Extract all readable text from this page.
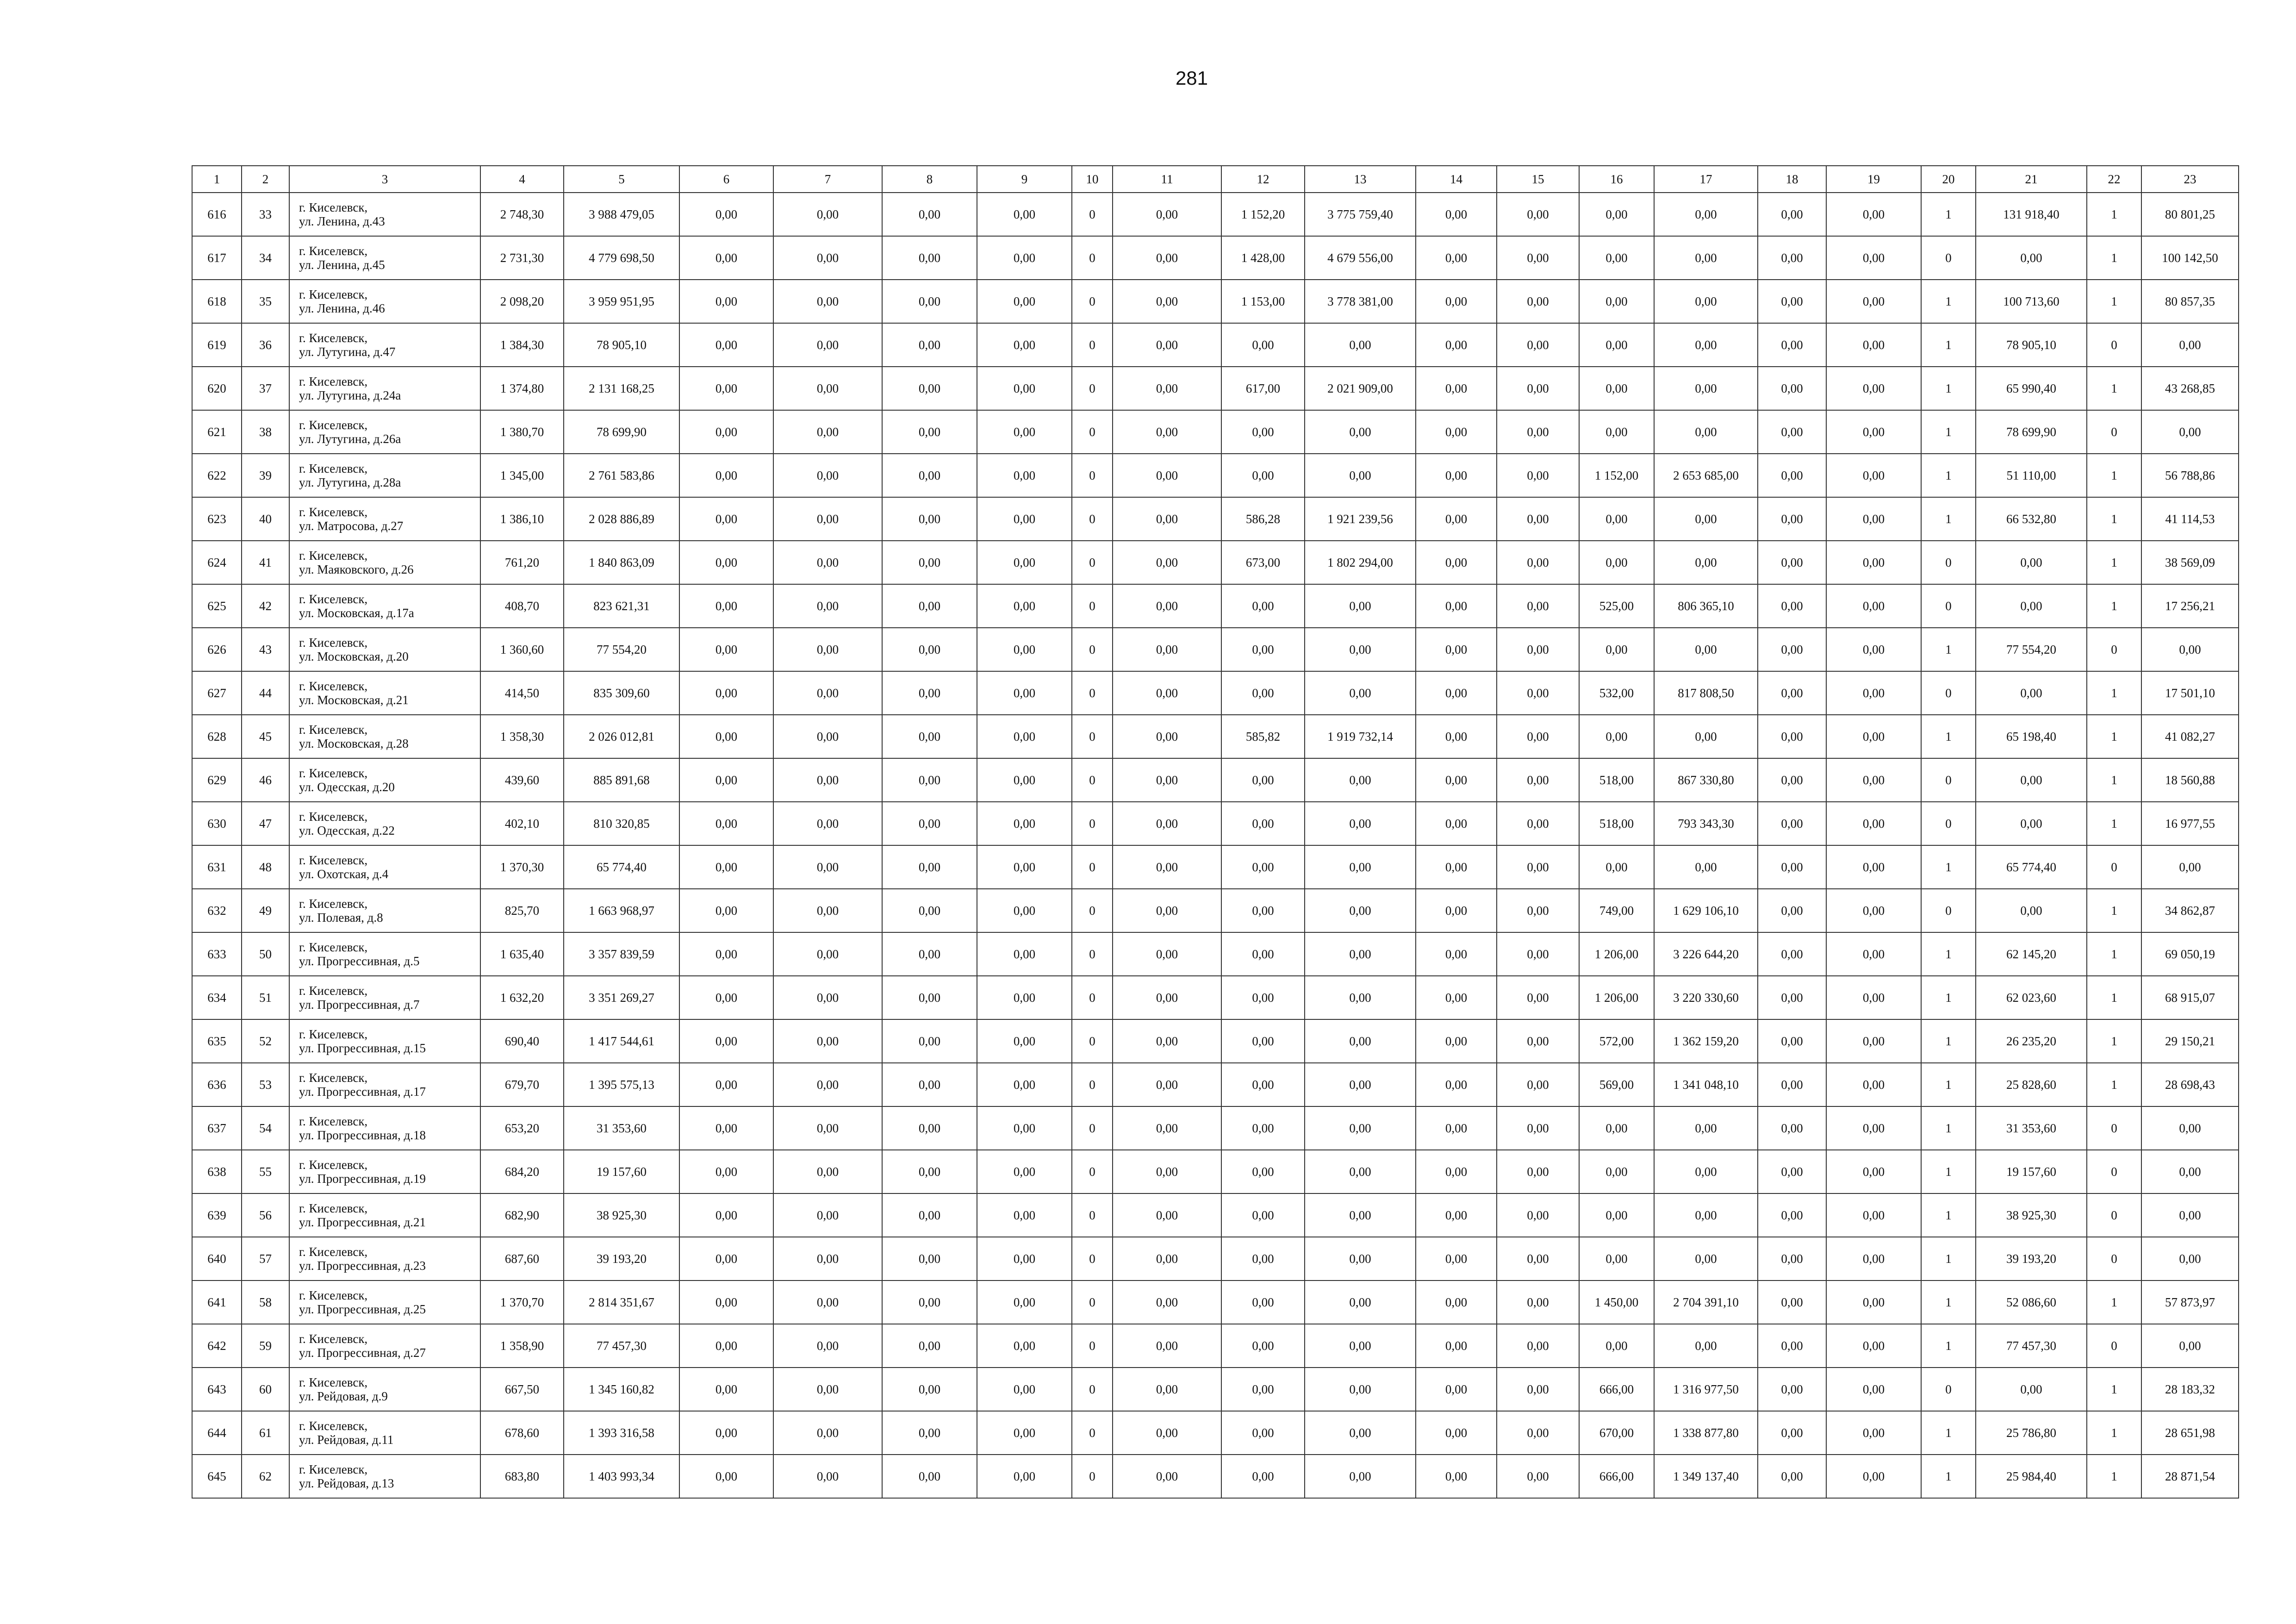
281
1	2	3	4	5	6	7	8	9	10	11	12	13	14	15	16	17	18	19	20	21	22	23
616	33	г. Киселевск,
ул. Ленина, д.43	2 748,30	3 988 479,05	0,00	0,00	0,00	0,00	0	0,00	1 152,20	3 775 759,40	0,00	0,00	0,00	0,00	0,00	0,00	1	131 918,40	1	80 801,25
617	34	г. Киселевск,
ул. Ленина, д.45	2 731,30	4 779 698,50	0,00	0,00	0,00	0,00	0	0,00	1 428,00	4 679 556,00	0,00	0,00	0,00	0,00	0,00	0,00	0	0,00	1	100 142,50
618	35	г. Киселевск,
ул. Ленина, д.46	2 098,20	3 959 951,95	0,00	0,00	0,00	0,00	0	0,00	1 153,00	3 778 381,00	0,00	0,00	0,00	0,00	0,00	0,00	1	100 713,60	1	80 857,35
619	36	г. Киселевск,
ул. Лутугина, д.47	1 384,30	78 905,10	0,00	0,00	0,00	0,00	0	0,00	0,00	0,00	0,00	0,00	0,00	0,00	0,00	0,00	1	78 905,10	0	0,00
620	37	г. Киселевск,
ул. Лутугина, д.24а	1 374,80	2 131 168,25	0,00	0,00	0,00	0,00	0	0,00	617,00	2 021 909,00	0,00	0,00	0,00	0,00	0,00	0,00	1	65 990,40	1	43 268,85
621	38	г. Киселевск,
ул. Лутугина, д.26а	1 380,70	78 699,90	0,00	0,00	0,00	0,00	0	0,00	0,00	0,00	0,00	0,00	0,00	0,00	0,00	0,00	1	78 699,90	0	0,00
622	39	г. Киселевск,
ул. Лутугина, д.28а	1 345,00	2 761 583,86	0,00	0,00	0,00	0,00	0	0,00	0,00	0,00	0,00	0,00	1 152,00	2 653 685,00	0,00	0,00	1	51 110,00	1	56 788,86
623	40	г. Киселевск,
ул. Матросова, д.27	1 386,10	2 028 886,89	0,00	0,00	0,00	0,00	0	0,00	586,28	1 921 239,56	0,00	0,00	0,00	0,00	0,00	0,00	1	66 532,80	1	41 114,53
624	41	г. Киселевск,
ул. Маяковского, д.26	761,20	1 840 863,09	0,00	0,00	0,00	0,00	0	0,00	673,00	1 802 294,00	0,00	0,00	0,00	0,00	0,00	0,00	0	0,00	1	38 569,09
625	42	г. Киселевск,
ул. Московская, д.17а	408,70	823 621,31	0,00	0,00	0,00	0,00	0	0,00	0,00	0,00	0,00	0,00	525,00	806 365,10	0,00	0,00	0	0,00	1	17 256,21
626	43	г. Киселевск,
ул. Московская, д.20	1 360,60	77 554,20	0,00	0,00	0,00	0,00	0	0,00	0,00	0,00	0,00	0,00	0,00	0,00	0,00	0,00	1	77 554,20	0	0,00
627	44	г. Киселевск,
ул. Московская, д.21	414,50	835 309,60	0,00	0,00	0,00	0,00	0	0,00	0,00	0,00	0,00	0,00	532,00	817 808,50	0,00	0,00	0	0,00	1	17 501,10
628	45	г. Киселевск,
ул. Московская, д.28	1 358,30	2 026 012,81	0,00	0,00	0,00	0,00	0	0,00	585,82	1 919 732,14	0,00	0,00	0,00	0,00	0,00	0,00	1	65 198,40	1	41 082,27
629	46	г. Киселевск,
ул. Одесская, д.20	439,60	885 891,68	0,00	0,00	0,00	0,00	0	0,00	0,00	0,00	0,00	0,00	518,00	867 330,80	0,00	0,00	0	0,00	1	18 560,88
630	47	г. Киселевск,
ул. Одесская, д.22	402,10	810 320,85	0,00	0,00	0,00	0,00	0	0,00	0,00	0,00	0,00	0,00	518,00	793 343,30	0,00	0,00	0	0,00	1	16 977,55
631	48	г. Киселевск,
ул. Охотская, д.4	1 370,30	65 774,40	0,00	0,00	0,00	0,00	0	0,00	0,00	0,00	0,00	0,00	0,00	0,00	0,00	0,00	1	65 774,40	0	0,00
632	49	г. Киселевск,
ул. Полевая, д.8	825,70	1 663 968,97	0,00	0,00	0,00	0,00	0	0,00	0,00	0,00	0,00	0,00	749,00	1 629 106,10	0,00	0,00	0	0,00	1	34 862,87
633	50	г. Киселевск,
ул. Прогрессивная, д.5	1 635,40	3 357 839,59	0,00	0,00	0,00	0,00	0	0,00	0,00	0,00	0,00	0,00	1 206,00	3 226 644,20	0,00	0,00	1	62 145,20	1	69 050,19
634	51	г. Киселевск,
ул. Прогрессивная, д.7	1 632,20	3 351 269,27	0,00	0,00	0,00	0,00	0	0,00	0,00	0,00	0,00	0,00	1 206,00	3 220 330,60	0,00	0,00	1	62 023,60	1	68 915,07
635	52	г. Киселевск,
ул. Прогрессивная, д.15	690,40	1 417 544,61	0,00	0,00	0,00	0,00	0	0,00	0,00	0,00	0,00	0,00	572,00	1 362 159,20	0,00	0,00	1	26 235,20	1	29 150,21
636	53	г. Киселевск,
ул. Прогрессивная, д.17	679,70	1 395 575,13	0,00	0,00	0,00	0,00	0	0,00	0,00	0,00	0,00	0,00	569,00	1 341 048,10	0,00	0,00	1	25 828,60	1	28 698,43
637	54	г. Киселевск,
ул. Прогрессивная, д.18	653,20	31 353,60	0,00	0,00	0,00	0,00	0	0,00	0,00	0,00	0,00	0,00	0,00	0,00	0,00	0,00	1	31 353,60	0	0,00
638	55	г. Киселевск,
ул. Прогрессивная, д.19	684,20	19 157,60	0,00	0,00	0,00	0,00	0	0,00	0,00	0,00	0,00	0,00	0,00	0,00	0,00	0,00	1	19 157,60	0	0,00
639	56	г. Киселевск,
ул. Прогрессивная, д.21	682,90	38 925,30	0,00	0,00	0,00	0,00	0	0,00	0,00	0,00	0,00	0,00	0,00	0,00	0,00	0,00	1	38 925,30	0	0,00
640	57	г. Киселевск,
ул. Прогрессивная, д.23	687,60	39 193,20	0,00	0,00	0,00	0,00	0	0,00	0,00	0,00	0,00	0,00	0,00	0,00	0,00	0,00	1	39 193,20	0	0,00
641	58	г. Киселевск,
ул. Прогрессивная, д.25	1 370,70	2 814 351,67	0,00	0,00	0,00	0,00	0	0,00	0,00	0,00	0,00	0,00	1 450,00	2 704 391,10	0,00	0,00	1	52 086,60	1	57 873,97
642	59	г. Киселевск,
ул. Прогрессивная, д.27	1 358,90	77 457,30	0,00	0,00	0,00	0,00	0	0,00	0,00	0,00	0,00	0,00	0,00	0,00	0,00	0,00	1	77 457,30	0	0,00
643	60	г. Киселевск,
ул. Рейдовая, д.9	667,50	1 345 160,82	0,00	0,00	0,00	0,00	0	0,00	0,00	0,00	0,00	0,00	666,00	1 316 977,50	0,00	0,00	0	0,00	1	28 183,32
644	61	г. Киселевск,
ул. Рейдовая, д.11	678,60	1 393 316,58	0,00	0,00	0,00	0,00	0	0,00	0,00	0,00	0,00	0,00	670,00	1 338 877,80	0,00	0,00	1	25 786,80	1	28 651,98
645	62	г. Киселевск,
ул. Рейдовая, д.13	683,80	1 403 993,34	0,00	0,00	0,00	0,00	0	0,00	0,00	0,00	0,00	0,00	666,00	1 349 137,40	0,00	0,00	1	25 984,40	1	28 871,54
